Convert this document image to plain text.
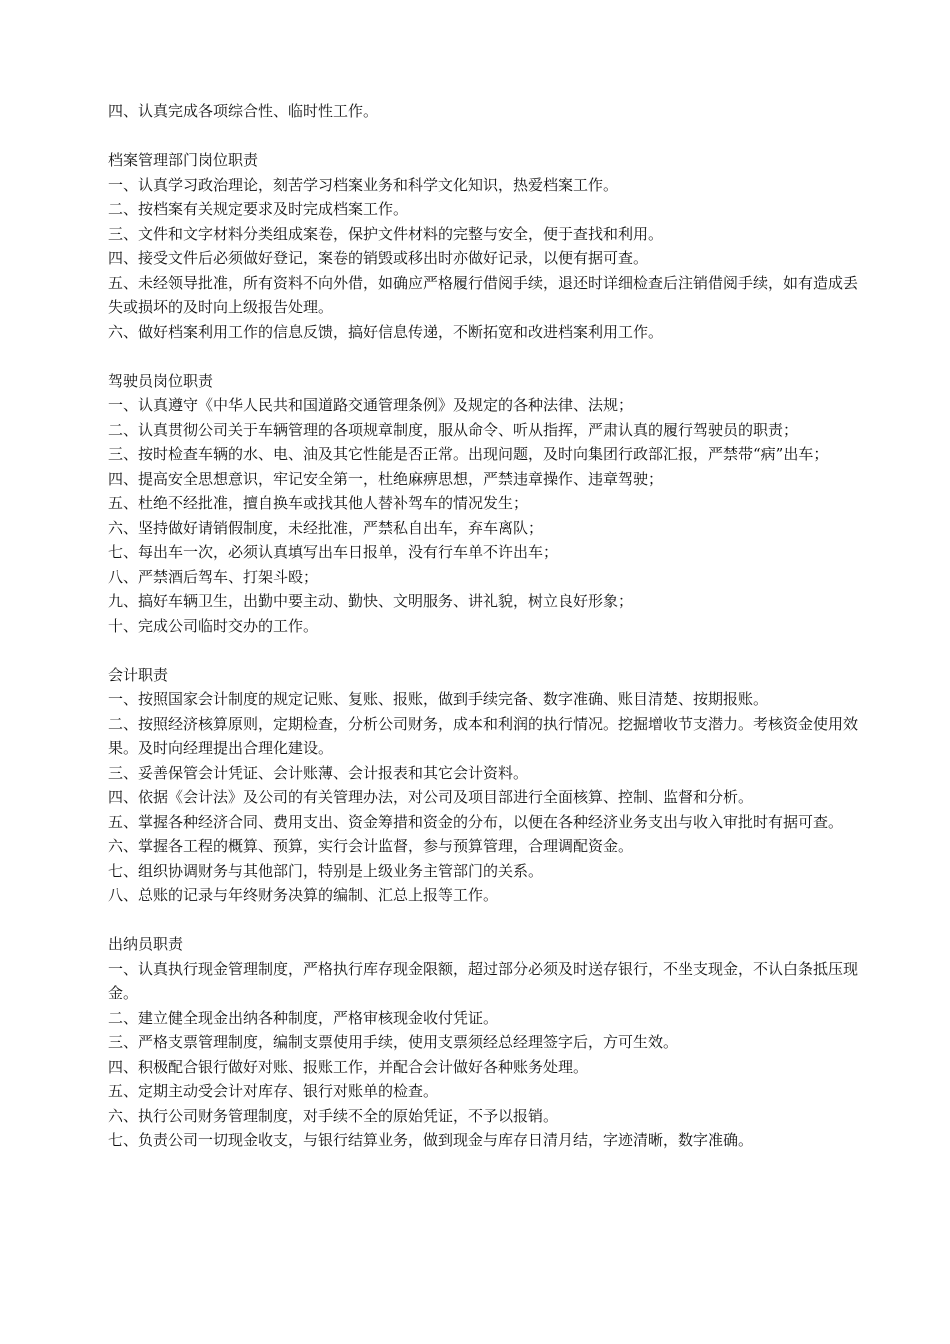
四、认真完成各项综合性、临时性工作。

档案管理部门岗位职责

一、认真学习政治理论，刻苦学习档案业务和科学文化知识，热爱档案工作。

二、按档案有关规定要求及时完成档案工作。

三、文件和文字材料分类组成案卷，保护文件材料的完整与安全，便于查找和利用。

四、接受文件后必须做好登记，案卷的销毁或移出时亦做好记录，以便有据可查。

五、未经领导批准，所有资料不向外借，如确应严格履行借阅手续，退还时详细检查后注销借阅手续，如有造成丢失或损坏的及时向上级报告处理。

六、做好档案利用工作的信息反馈，搞好信息传递，不断拓宽和改进档案利用工作。

驾驶员岗位职责

一、认真遵守《中华人民共和国道路交通管理条例》及规定的各种法律、法规；

二、认真贯彻公司关于车辆管理的各项规章制度，服从命令、听从指挥，严肃认真的履行驾驶员的职责；

三、按时检查车辆的水、电、油及其它性能是否正常。出现问题，及时向集团行政部汇报，严禁带“病”出车；

四、提高安全思想意识，牢记安全第一，杜绝麻痹思想，严禁违章操作、违章驾驶；

五、杜绝不经批准，擅自换车或找其他人替补驾车的情况发生；

六、坚持做好请销假制度，未经批准，严禁私自出车，弃车离队；

七、每出车一次，必须认真填写出车日报单，没有行车单不许出车；

八、严禁酒后驾车、打架斗殴；

九、搞好车辆卫生，出勤中要主动、勤快、文明服务、讲礼貌，树立良好形象；

十、完成公司临时交办的工作。

会计职责

一、按照国家会计制度的规定记账、复账、报账，做到手续完备、数字准确、账目清楚、按期报账。

二、按照经济核算原则，定期检查，分析公司财务，成本和利润的执行情况。挖掘增收节支潜力。考核资金使用效果。及时向经理提出合理化建设。

三、妥善保管会计凭证、会计账薄、会计报表和其它会计资料。

四、依据《会计法》及公司的有关管理办法，对公司及项目部进行全面核算、控制、监督和分析。

五、掌握各种经济合同、费用支出、资金筹措和资金的分布，以便在各种经济业务支出与收入审批时有据可查。

六、掌握各工程的概算、预算，实行会计监督，参与预算管理，合理调配资金。

七、组织协调财务与其他部门，特别是上级业务主管部门的关系。

八、总账的记录与年终财务决算的编制、汇总上报等工作。

出纳员职责

一、认真执行现金管理制度，严格执行库存现金限额，超过部分必须及时送存银行，不坐支现金，不认白条抵压现金。

二、建立健全现金出纳各种制度，严格审核现金收付凭证。

三、严格支票管理制度，编制支票使用手续，使用支票须经总经理签字后，方可生效。

四、积极配合银行做好对账、报账工作，并配合会计做好各种账务处理。

五、定期主动受会计对库存、银行对账单的检查。

六、执行公司财务管理制度，对手续不全的原始凭证，不予以报销。

七、负责公司一切现金收支，与银行结算业务，做到现金与库存日清月结，字迹清晰，数字准确。
